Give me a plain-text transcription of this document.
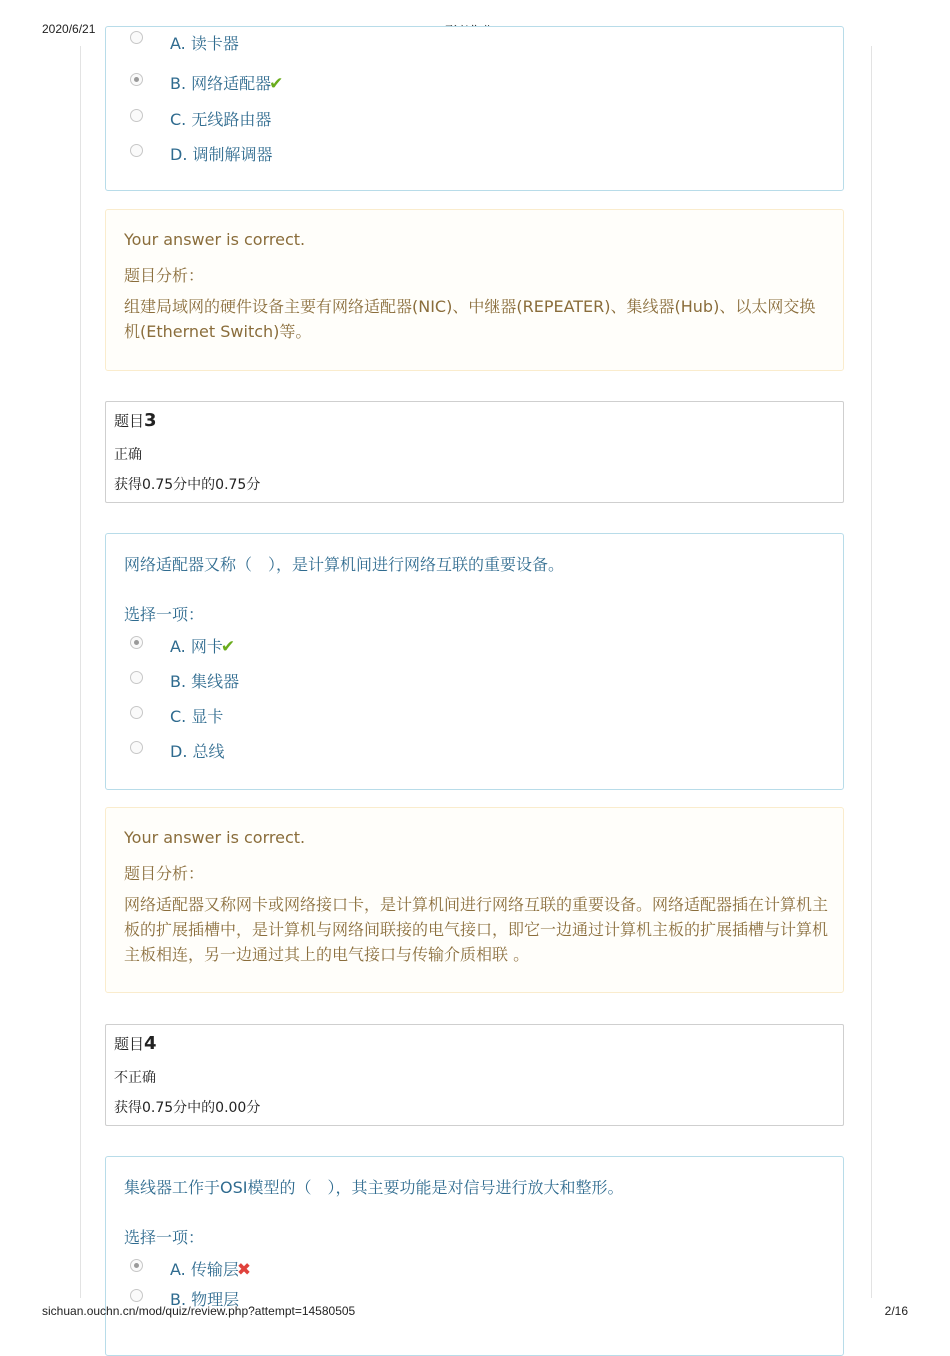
2020/6/21
A. 读卡器
B. 网络适配器✔
C. 无线路由器
D. 调制解调器
Your answer is correct.
题目分析：
组建局域网的硬件设备主要有网络适配器(NIC)、中继器(REPEATER)、集线器(Hub)、以太网交换机(Ethernet Switch)等。
题目3
正确
获得0.75分中的0.75分
网络适配器又称（　），是计算机间进行网络互联的重要设备。
选择一项：
A. 网卡✔
B. 集线器
C. 显卡
D. 总线
Your answer is correct.
题目分析：
网络适配器又称网卡或网络接口卡，是计算机间进行网络互联的重要设备。网络适配器插在计算机主板的扩展插槽中，是计算机与网络间联接的电气接口，即它一边通过计算机主板的扩展插槽与计算机主板相连，另一边通过其上的电气接口与传输介质相联 。
题目4
不正确
获得0.75分中的0.00分
集线器工作于OSI模型的（　），其主要功能是对信号进行放大和整形。
选择一项：
A. 传输层✖
B. 物理层
sichuan.ouchn.cn/mod/quiz/review.php?attempt=14580505	2/16
